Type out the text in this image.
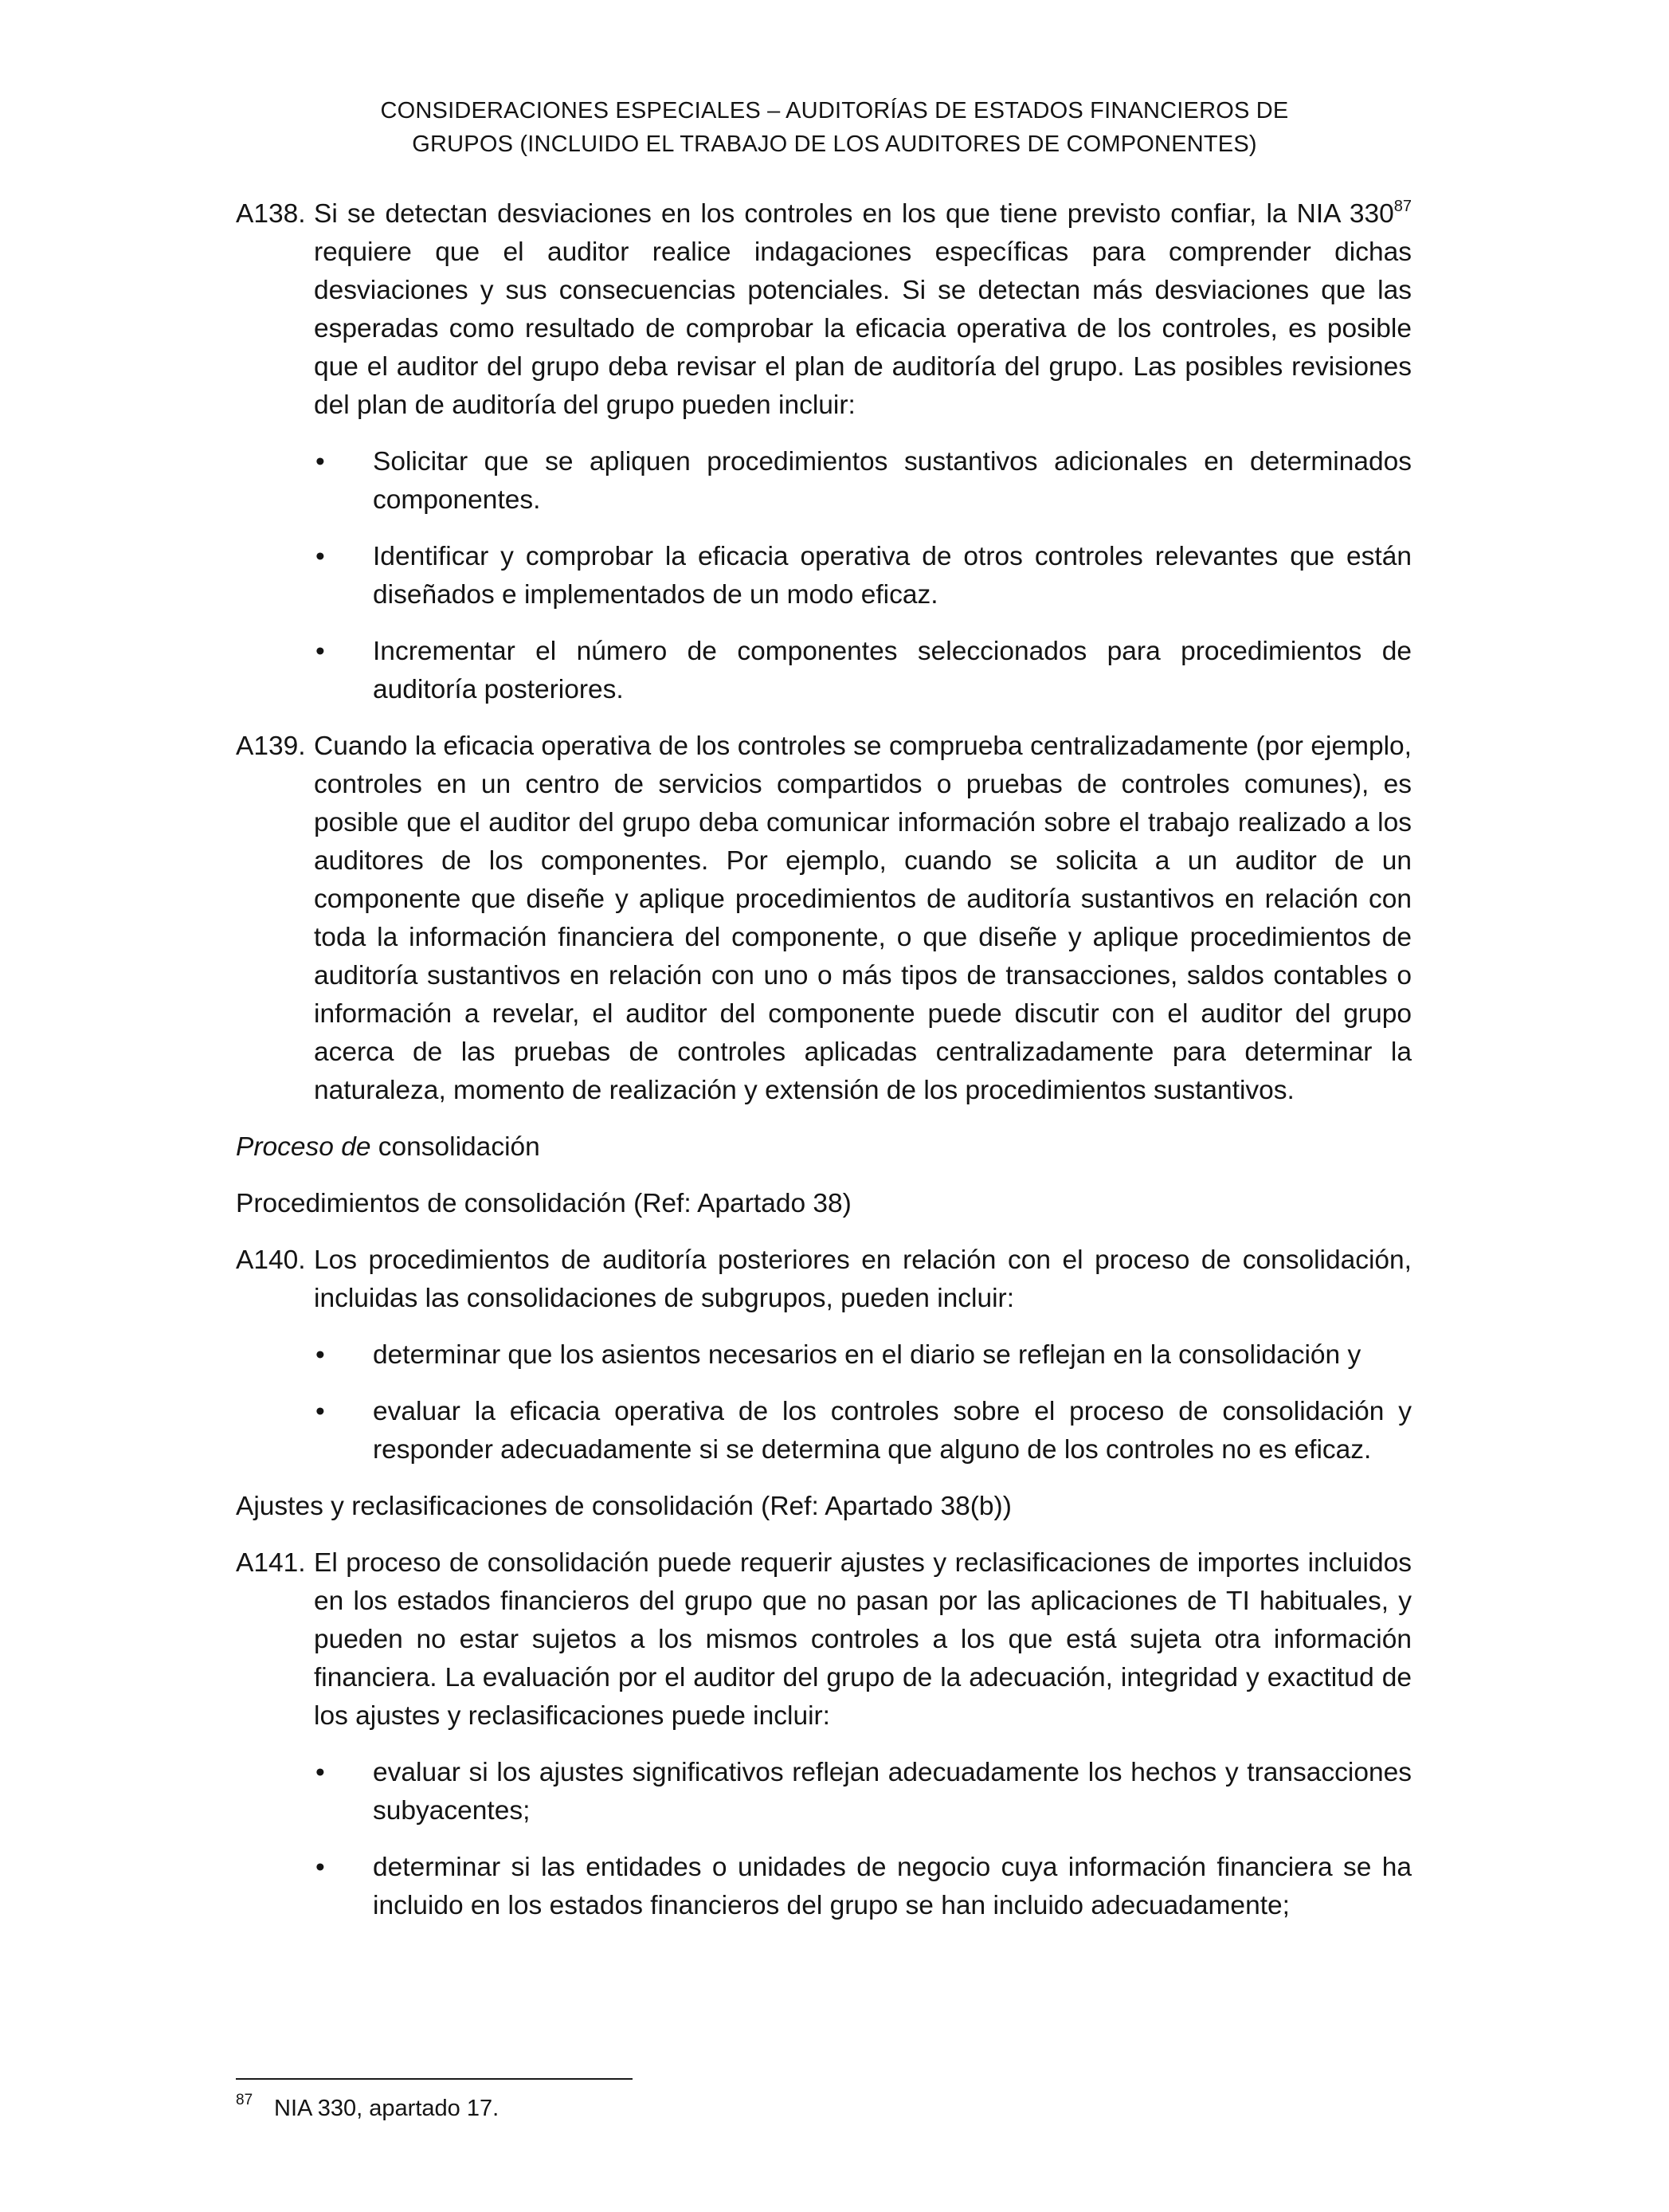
CONSIDERACIONES ESPECIALES – AUDITORÍAS DE ESTADOS FINANCIEROS DE
GRUPOS (INCLUIDO EL TRABAJO DE LOS AUDITORES DE COMPONENTES)
A138. Si se detectan desviaciones en los controles en los que tiene previsto confiar, la NIA $330^{87}$ requiere que el auditor realice indagaciones específicas para comprender dichas desviaciones y sus consecuencias potenciales. Si se detectan más desviaciones que las esperadas como resultado de comprobar la eficacia operativa de los controles, es posible que el auditor del grupo deba revisar el plan de auditoría del grupo. Las posibles revisiones del plan de auditoría del grupo pueden incluir:
•	Solicitar que se apliquen procedimientos sustantivos adicionales en determinados componentes.
•	Identificar y comprobar la eficacia operativa de otros controles relevantes que están diseñados e implementados de un modo eficaz.
•	Incrementar el número de componentes seleccionados para procedimientos de auditoría posteriores.
A139. Cuando la eficacia operativa de los controles se comprueba centralizadamente (por ejemplo, controles en un centro de servicios compartidos o pruebas de controles comunes), es posible que el auditor del grupo deba comunicar información sobre el trabajo realizado a los auditores de los componentes. Por ejemplo, cuando se solicita a un auditor de un componente que diseñe y aplique procedimientos de auditoría sustantivos en relación con toda la información financiera del componente, o que diseñe y aplique procedimientos de auditoría sustantivos en relación con uno o más tipos de transacciones, saldos contables o información a revelar, el auditor del componente puede discutir con el auditor del grupo acerca de las pruebas de controles aplicadas centralizadamente para determinar la naturaleza, momento de realización y extensión de los procedimientos sustantivos.
Proceso de consolidación
Procedimientos de consolidación (Ref: Apartado 38)
A140. Los procedimientos de auditoría posteriores en relación con el proceso de consolidación, incluidas las consolidaciones de subgrupos, pueden incluir:
•	determinar que los asientos necesarios en el diario se reflejan en la consolidación y
•	evaluar la eficacia operativa de los controles sobre el proceso de consolidación y responder adecuadamente si se determina que alguno de los controles no es eficaz.
Ajustes y reclasificaciones de consolidación (Ref: Apartado 38(b))
A141. El proceso de consolidación puede requerir ajustes y reclasificaciones de importes incluidos en los estados financieros del grupo que no pasan por las aplicaciones de TI habituales, y pueden no estar sujetos a los mismos controles a los que está sujeta otra información financiera. La evaluación por el auditor del grupo de la adecuación, integridad y exactitud de los ajustes y reclasificaciones puede incluir:
•	evaluar si los ajustes significativos reflejan adecuadamente los hechos y transacciones subyacentes;
•	determinar si las entidades o unidades de negocio cuya información financiera se ha incluido en los estados financieros del grupo se han incluido adecuadamente;
87 NIA 330, apartado 17.
